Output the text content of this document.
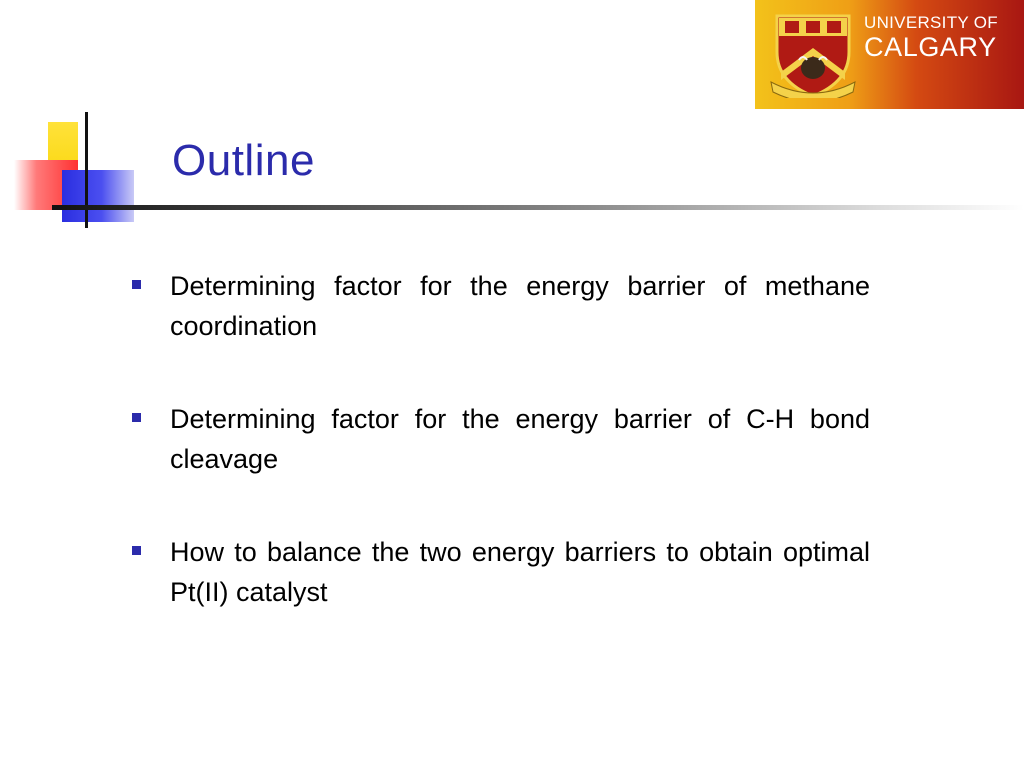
Outline
UNIVERSITY OF
CALGARY
Determining factor for the energy barrier of methane coordination
Determining factor for the energy barrier of C-H bond cleavage
How to balance the two energy barriers to obtain optimal Pt(II) catalyst
